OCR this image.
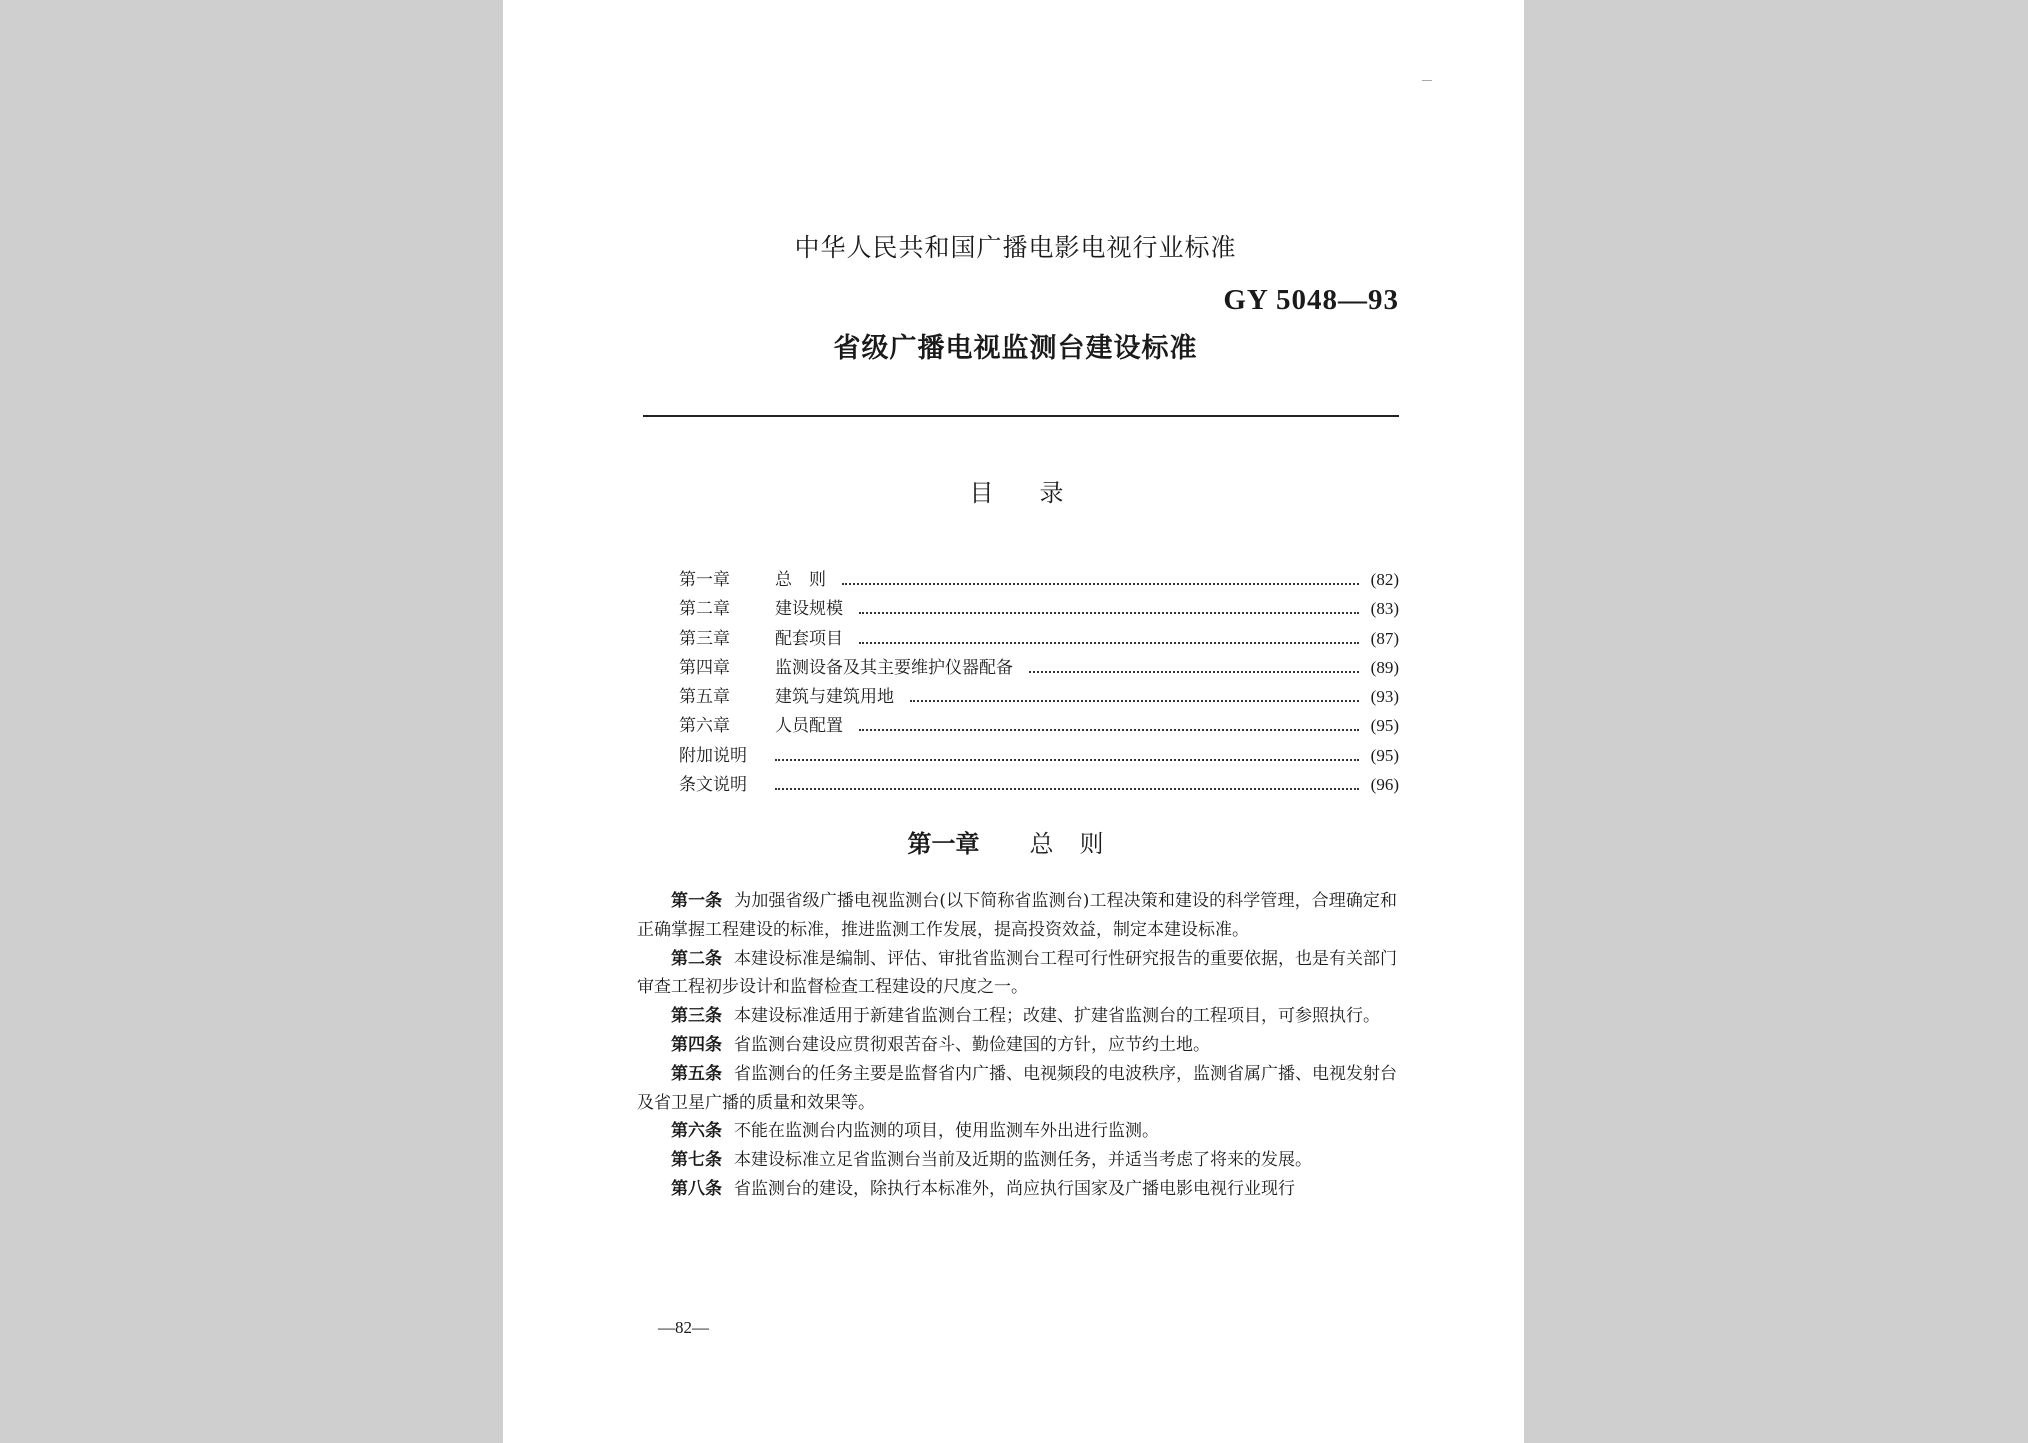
中华人民共和国广播电影电视行业标准
GY 5048—93
省级广播电视监测台建设标准
目录
第一章	总　则	(82)
第二章	建设规模	(83)
第三章	配套项目	(87)
第四章	监测设备及其主要维护仪器配备	(89)
第五章	建筑与建筑用地	(93)
第六章	人员配置	(95)
附加说明	(95)
条文说明	(96)
第一章 总则

第一条 为加强省级广播电视监测台(以下简称省监测台)工程决策和建设的科学管理，合理确定和正确掌握工程建设的标准，推进监测工作发展，提高投资效益，制定本建设标准。

第二条 本建设标准是编制、评估、审批省监测台工程可行性研究报告的重要依据，也是有关部门审查工程初步设计和监督检查工程建设的尺度之一。

第三条 本建设标准适用于新建省监测台工程；改建、扩建省监测台的工程项目，可参照执行。

第四条 省监测台建设应贯彻艰苦奋斗、勤俭建国的方针，应节约土地。

第五条 省监测台的任务主要是监督省内广播、电视频段的电波秩序，监测省属广播、电视发射台及省卫星广播的质量和效果等。

第六条 不能在监测台内监测的项目，使用监测车外出进行监测。

第七条 本建设标准立足省监测台当前及近期的监测任务，并适当考虑了将来的发展。

第八条 省监测台的建设，除执行本标准外，尚应执行国家及广播电影电视行业现行

—82—
